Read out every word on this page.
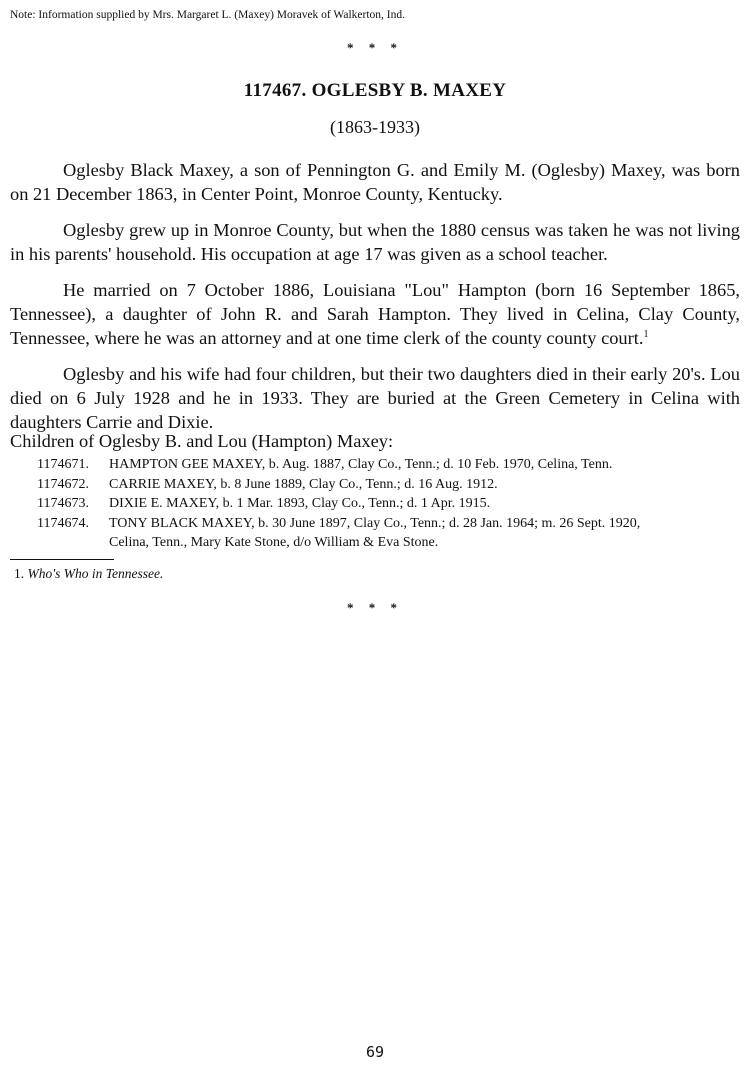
Note: Information supplied by Mrs. Margaret L. (Maxey) Moravek of Walkerton, Ind.
* * *
117467. OGLESBY B. MAXEY
(1863-1933)

Oglesby Black Maxey, a son of Pennington G. and Emily M. (Oglesby) Maxey, was born on 21 December 1863, in Center Point, Monroe County, Kentucky.

Oglesby grew up in Monroe County, but when the 1880 census was taken he was not living in his parents' household. His occupation at age 17 was given as a school teacher.

He married on 7 October 1886, Louisiana "Lou" Hampton (born 16 September 1865, Tennessee), a daughter of John R. and Sarah Hampton. They lived in Celina, Clay County, Tennessee, where he was an attorney and at one time clerk of the county county court.$^1$

Oglesby and his wife had four children, but their two daughters died in their early 20's. Lou died on 6 July 1928 and he in 1933. They are buried at the Green Cemetery in Celina with daughters Carrie and Dixie.

Children of Oglesby B. and Lou (Hampton) Maxey:
1174671.	HAMPTON GEE MAXEY, b. Aug. 1887, Clay Co., Tenn.; d. 10 Feb. 1970, Celina, Tenn.
1174672.	CARRIE MAXEY, b. 8 June 1889, Clay Co., Tenn.; d. 16 Aug. 1912.
1174673.	DIXIE E. MAXEY, b. 1 Mar. 1893, Clay Co., Tenn.; d. 1 Apr. 1915.
1174674.	TONY BLACK MAXEY, b. 30 June 1897, Clay Co., Tenn.; d. 28 Jan. 1964; m. 26 Sept. 1920,
Celina, Tenn., Mary Kate Stone, d/o William & Eva Stone.
1. Who's Who in Tennessee.
* * *
69
